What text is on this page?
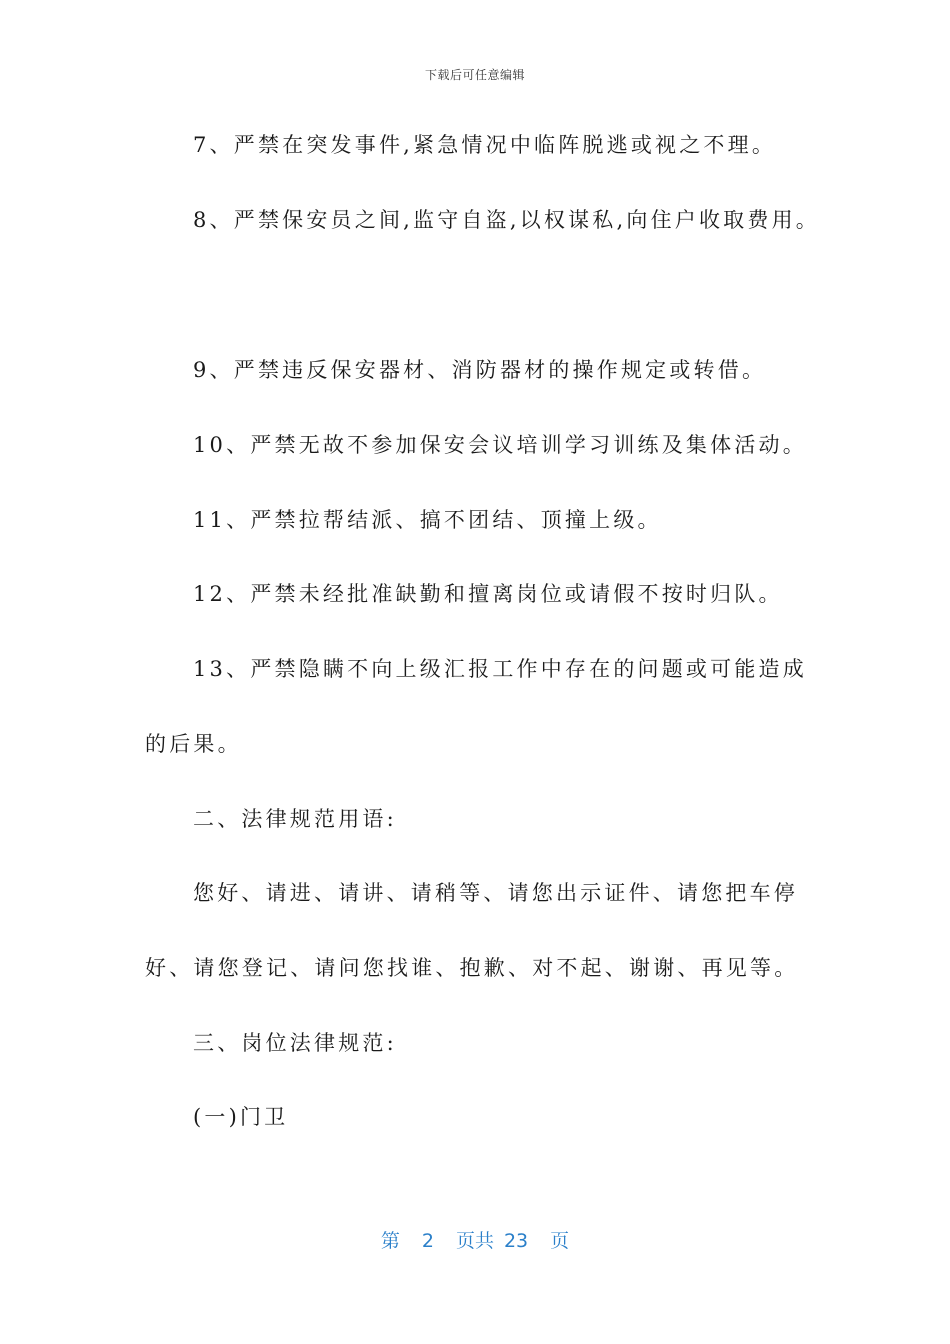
下载后可任意编辑

7、严禁在突发事件,紧急情况中临阵脱逃或视之不理。

8、严禁保安员之间,监守自盗,以权谋私,向住户收取费用。

9、严禁违反保安器材、消防器材的操作规定或转借。

10、严禁无故不参加保安会议培训学习训练及集体活动。

11、严禁拉帮结派、搞不团结、顶撞上级。

12、严禁未经批准缺勤和擅离岗位或请假不按时归队。

13、严禁隐瞒不向上级汇报工作中存在的问题或可能造成

的后果。

二、法律规范用语:

您好、请进、请讲、请稍等、请您出示证件、请您把车停

好、请您登记、请问您找谁、抱歉、对不起、谢谢、再见等。

三、岗位法律规范:

(一)门卫

第 2 页共 23 页
